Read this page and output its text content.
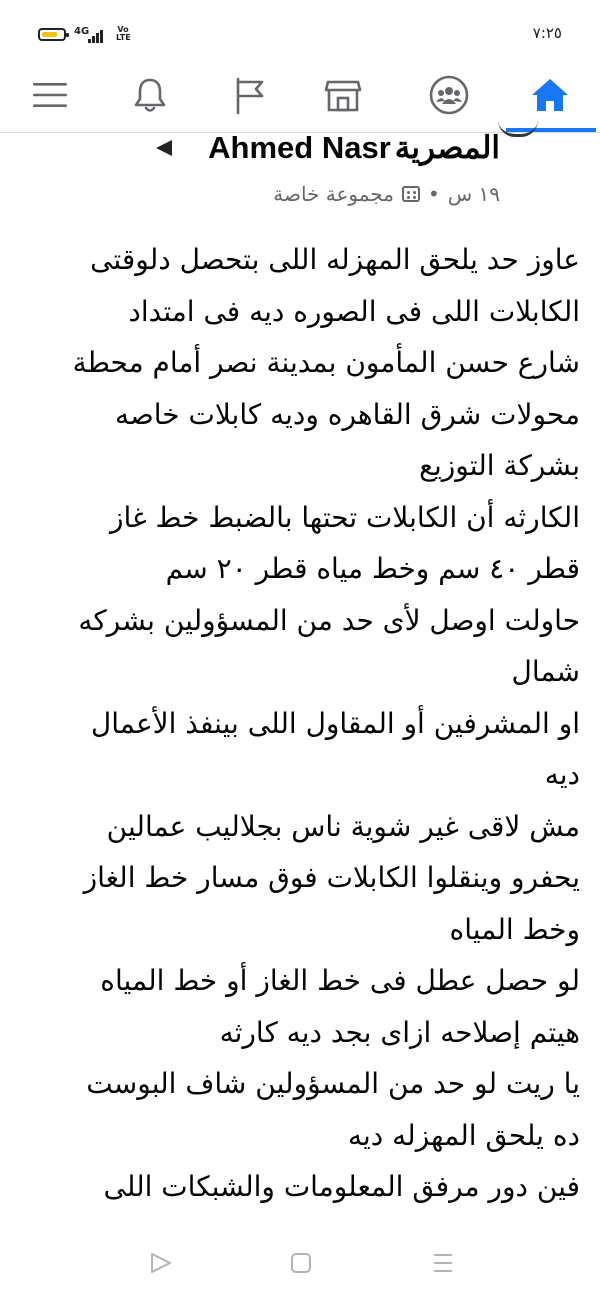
4G	Vo
LTE	٧:٢٥
المصرية
Ahmed Nasr
١٩ س
•
مجموعة خاصة

عاوز حد يلحق المهزله اللى بتحصل دلوقتى

الكابلات اللى فى الصوره ديه فى امتداد

شارع حسن المأمون بمدينة نصر أمام محطة

محولات شرق القاهره وديه كابلات خاصه

بشركة التوزيع

الكارثه أن الكابلات تحتها بالضبط خط غاز

قطر ٤٠ سم وخط مياه قطر ٢٠ سم

حاولت اوصل لأى حد من المسؤولين بشركه

شمال

او المشرفين أو المقاول اللى بينفذ الأعمال

ديه

مش لاقى غير شوية ناس بجلاليب عمالين

يحفرو وينقلوا الكابلات فوق مسار خط الغاز

وخط المياه

لو حصل عطل فى خط الغاز أو خط المياه

هيتم إصلاحه ازاى بجد ديه كارثه

يا ريت لو حد من المسؤولين شاف البوست

ده يلحق المهزله ديه

فين دور مرفق المعلومات والشبكات اللى
